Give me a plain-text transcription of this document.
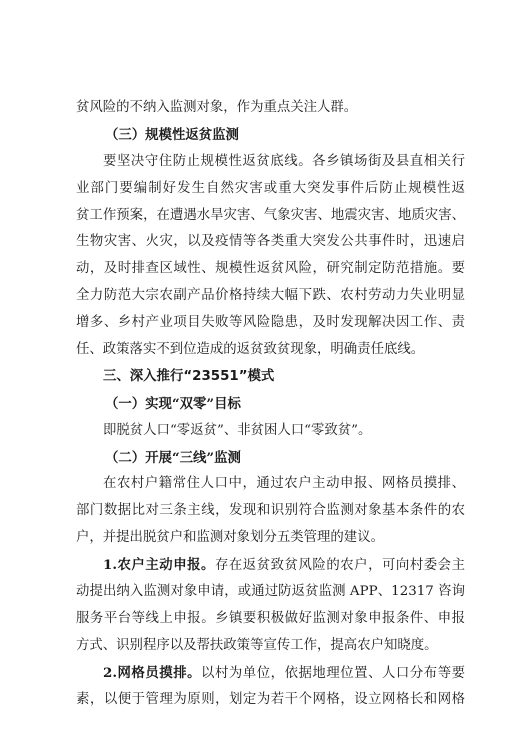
贫风险的不纳入监测对象，作为重点关注人群。
（三）规模性返贫监测
要坚决守住防止规模性返贫底线。各乡镇场街及县直相关行
业部门要编制好发生自然灾害或重大突发事件后防止规模性返
贫工作预案，在遭遇水旱灾害、气象灾害、地震灾害、地质灾害、
生物灾害、火灾，以及疫情等各类重大突发公共事件时，迅速启
动，及时排查区域性、规模性返贫风险，研究制定防范措施。要
全力防范大宗农副产品价格持续大幅下跌、农村劳动力失业明显
增多、乡村产业项目失败等风险隐患，及时发现解决因工作、责
任、政策落实不到位造成的返贫致贫现象，明确责任底线。
三、深入推行“23551”模式
（一）实现“双零”目标
即脱贫人口“零返贫”、非贫困人口“零致贫”。
（二）开展“三线”监测
在农村户籍常住人口中，通过农户主动申报、网格员摸排、
部门数据比对三条主线，发现和识别符合监测对象基本条件的农
户，并提出脱贫户和监测对象划分五类管理的建议。
1.农户主动申报。存在返贫致贫风险的农户，可向村委会主
动提出纳入监测对象申请，或通过防返贫监测 APP、12317 咨询
服务平台等线上申报。乡镇要积极做好监测对象申报条件、申报
方式、识别程序以及帮扶政策等宣传工作，提高农户知晓度。
2.网格员摸排。以村为单位，依据地理位置、人口分布等要
素，以便于管理为原则，划定为若干个网格，设立网格长和网格
